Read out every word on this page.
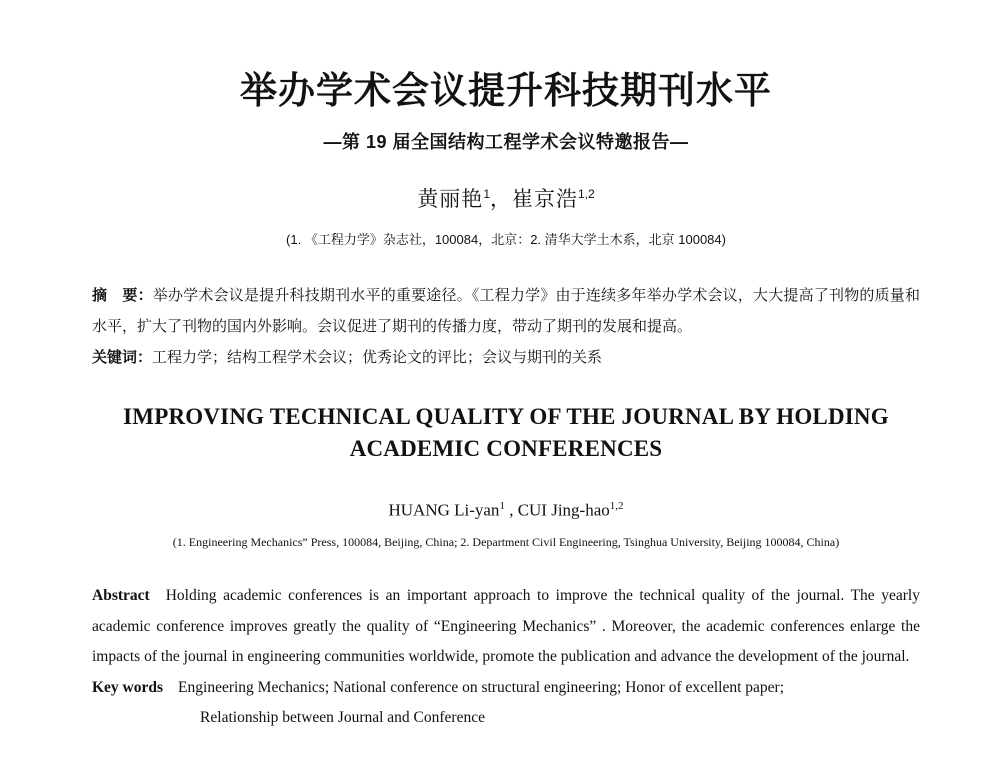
举办学术会议提升科技期刊水平
—第 19 届全国结构工程学术会议特邀报告—
黄丽艳$^1$，崔京浩$^{1,2}$
(1. 《工程力学》杂志社，100084，北京：2. 清华大学土木系，北京 100084)

摘　要：举办学术会议是提升科技期刊水平的重要途径。《工程力学》由于连续多年举办学术会议，大大提高了刊物的质量和水平，扩大了刊物的国内外影响。会议促进了期刊的传播力度，带动了期刊的发展和提高。

关键词：工程力学；结构工程学术会议；优秀论文的评比；会议与期刊的关系

IMPROVING TECHNICAL QUALITY OF THE JOURNAL BY HOLDING
ACADEMIC CONFERENCES
HUANG Li-yan$^1$ , CUI Jing-hao$^{1,2}$
(1. Engineering Mechanics” Press, 100084, Beijing, China; 2. Department Civil Engineering, Tsinghua University, Beijing 100084, China)

Abstract Holding academic conferences is an important approach to improve the technical quality of the journal. The yearly academic conference improves greatly the quality of “Engineering Mechanics” . Moreover, the academic conferences enlarge the impacts of the journal in engineering communities worldwide, promote the publication and advance the development of the journal.

Key words Engineering Mechanics; National conference on structural engineering; Honor of excellent paper;
Relationship between Journal and Conference
